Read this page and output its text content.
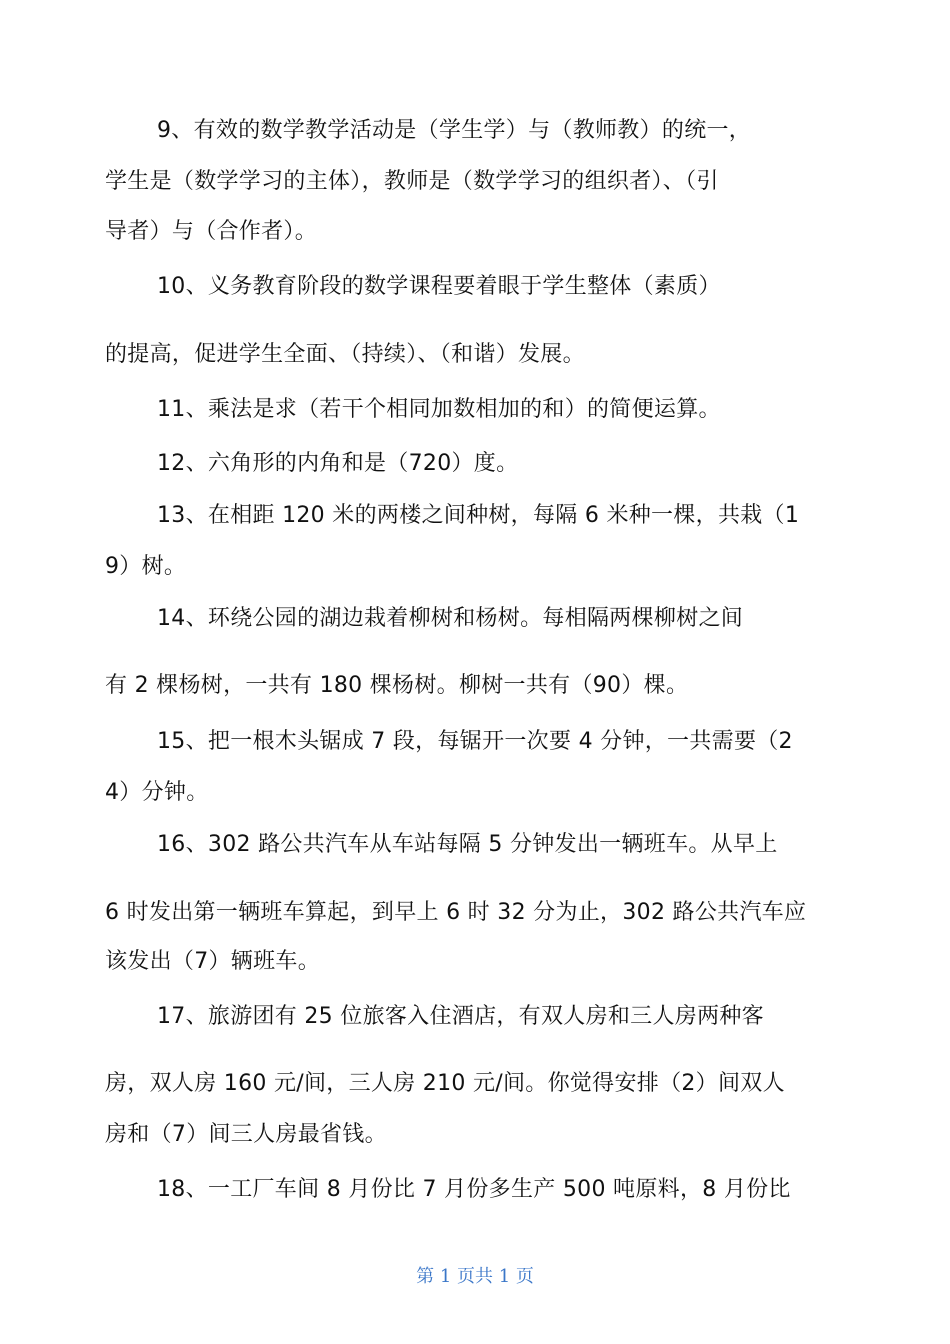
9、有效的数学教学活动是（学生学）与（教师教）的统一，
学生是（数学学习的主体），教师是（数学学习的组织者）、（引
导者）与（合作者）。
10、义务教育阶段的数学课程要着眼于学生整体（素质）
的提高，促进学生全面、（持续）、（和谐）发展。
11、乘法是求（若干个相同加数相加的和）的简便运算。
12、六角形的内角和是（720）度。
13、在相距 120 米的两楼之间种树，每隔 6 米种一棵，共栽（1
9）树。
14、环绕公园的湖边栽着柳树和杨树。每相隔两棵柳树之间
有 2 棵杨树，一共有 180 棵杨树。柳树一共有（90）棵。
15、把一根木头锯成 7 段，每锯开一次要 4 分钟，一共需要（2
4）分钟。
16、302 路公共汽车从车站每隔 5 分钟发出一辆班车。从早上
6 时发出第一辆班车算起，到早上 6 时 32 分为止，302 路公共汽车应
该发出（7）辆班车。
17、旅游团有 25 位旅客入住酒店，有双人房和三人房两种客
房，双人房 160 元/间，三人房 210 元/间。你觉得安排（2）间双人
房和（7）间三人房最省钱。
18、一工厂车间 8 月份比 7 月份多生产 500 吨原料，8 月份比
第 1 页共 1 页
